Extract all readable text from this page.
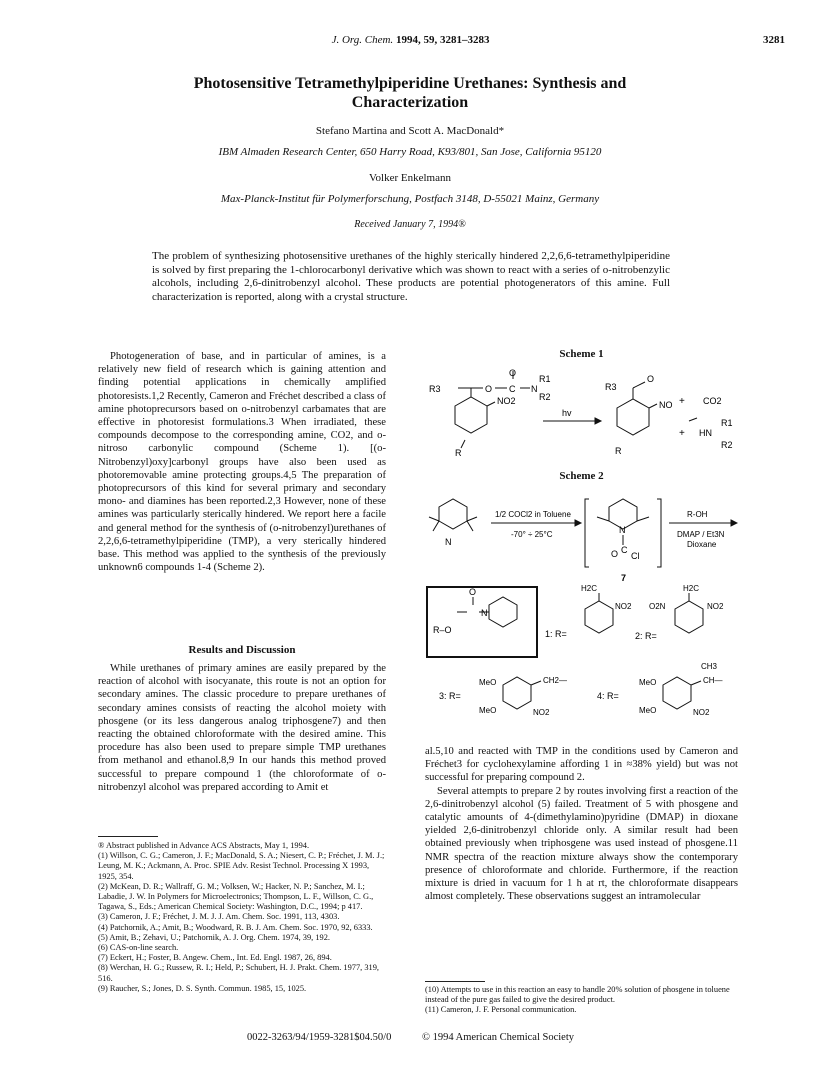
J. Org. Chem. 1994, 59, 3281–3283	3281
Photosensitive Tetramethylpiperidine Urethanes: Synthesis and
Characterization
Stefano Martina and Scott A. MacDonald*
IBM Almaden Research Center, 650 Harry Road, K93/801, San Jose, California 95120
Volker Enkelmann
Max-Planck-Institut für Polymerforschung, Postfach 3148, D-55021 Mainz, Germany
Received January 7, 1994®
The problem of synthesizing photosensitive urethanes of the highly sterically hindered 2,2,6,6-tetramethylpiperidine is solved by first preparing the 1-chlorocarbonyl derivative which was shown to react with a series of o-nitrobenzylic alcohols, including 2,6-dinitrobenzyl alcohol. These products are potential photogenerators of this amine. Full characterization is reported, along with a crystal structure.

Photogeneration of base, and in particular of amines, is a relatively new field of research which is gaining attention and finding potential applications in chemically amplified photoresists.1,2 Recently, Cameron and Fréchet described a class of amine photoprecursors based on o-nitrobenzyl carbamates that are effective in photoresist formulations.3 When irradiated, these compounds decompose to the corresponding amine, CO2, and o-nitroso carbonylic compound (Scheme 1). [(o-Nitrobenzyl)oxy]carbonyl groups have also been used as photoremovable amine protecting groups.4,5 The preparation of photoprecursors of this kind for several primary and secondary mono- and diamines has been reported.2,3 However, none of these amines was particularly sterically hindered. We report here a facile and general method for the synthesis of (o-nitrobenzyl)urethanes of 2,2,6,6-tetramethylpiperidine (TMP), a very sterically hindered base. This method was applied to the synthesis of the previously unknown6 compounds 1-4 (Scheme 2).

Results and Discussion

While urethanes of primary amines are easily prepared by the reaction of alcohol with isocyanate, this route is not an option for secondary amines. The classic procedure to prepare urethanes of secondary amines consists of reacting the alcohol moiety with phosgene (or its less dangerous analog triphosgene7) and then reacting the obtained chloroformate with the desired amine. This procedure has also been used to prepare simple TMP urethanes from methanol and ethanol.8,9 In our hands this method proved successful to prepare compound 1 (the chloroformate of o-nitrobenzyl alcohol was prepared according to Amit et

® Abstract published in Advance ACS Abstracts, May 1, 1994.
(1) Willson, C. G.; Cameron, J. F.; MacDonald, S. A.; Niesert, C. P.; Fréchet, J. M. J.; Leung, M. K.; Ackmann, A. Proc. SPIE Adv. Resist Technol. Processing X 1993, 1925, 354.
(2) McKean, D. R.; Wallraff, G. M.; Volksen, W.; Hacker, N. P.; Sanchez, M. I.; Labadie, J. W. In Polymers for Microelectronics; Thompson, L. F., Willson, C. G., Tagawa, S., Eds.; American Chemical Society: Washington, D.C., 1994; p 417.
(3) Cameron, J. F.; Fréchet, J. M. J. J. Am. Chem. Soc. 1991, 113, 4303.
(4) Patchornik, A.; Amit, B.; Woodward, R. B. J. Am. Chem. Soc. 1970, 92, 6333.
(5) Amit, B.; Zehavi, U.; Patchornik, A. J. Org. Chem. 1974, 39, 192.
(6) CAS-on-line search.
(7) Eckert, H.; Foster, B. Angew. Chem., Int. Ed. Engl. 1987, 26, 894.
(8) Werchan, H. G.; Russew, R. I.; Held, P.; Schubert, H. J. Prakt. Chem. 1977, 319, 516.
(9) Raucher, S.; Jones, D. S. Synth. Commun. 1985, 15, 1025.

al.5,10 and reacted with TMP in the conditions used by Cameron and Fréchet3 for cyclohexylamine affording 1 in ≈38% yield) but was not successful for preparing compound 2.

Several attempts to prepare 2 by routes involving first a reaction of the 2,6-dinitrobenzyl alcohol (5) failed. Treatment of 5 with phosgene and catalytic amounts of 4-(dimethylamino)pyridine (DMAP) in dioxane yielded 2,6-dinitrobenzyl chloride only. A similar result had been obtained previously when triphosgene was used instead of phosgene.11 NMR spectra of the reaction mixture always show the contemporary presence of chloroformate and chloride. Furthermore, if the reaction mixture is dried in vacuum for 1 h at rt, the chloroformate disappears almost completely. These observations suggest an intramolecular

(10) Attempts to use in this reaction an easy to handle 20% solution of phosgene in toluene instead of the pure gas failed to give the desired product.
(11) Cameron, J. F. Personal communication.
0022-3263/94/1959-3281$04.50/0	© 1994 American Chemical Society
Scheme 1
R3	O C
O
N
R1
R2
NO2
R
hv
R3
O
NO
R
+ CO2
+ HN
R1
R2
Scheme 2
N
1/2 COCl2 in Toluene
-70° ÷ 25°C	N
O C
Cl
7
R-OH
DMAP / Et3N
Dioxane
R–O
O
N
1: R=
H2C
NO2
2: R=
O2N
H2C
NO2
3: R=
MeO
MeO
CH2—
NO2
4: R=
MeO
MeO
CH3
CH—
NO2
